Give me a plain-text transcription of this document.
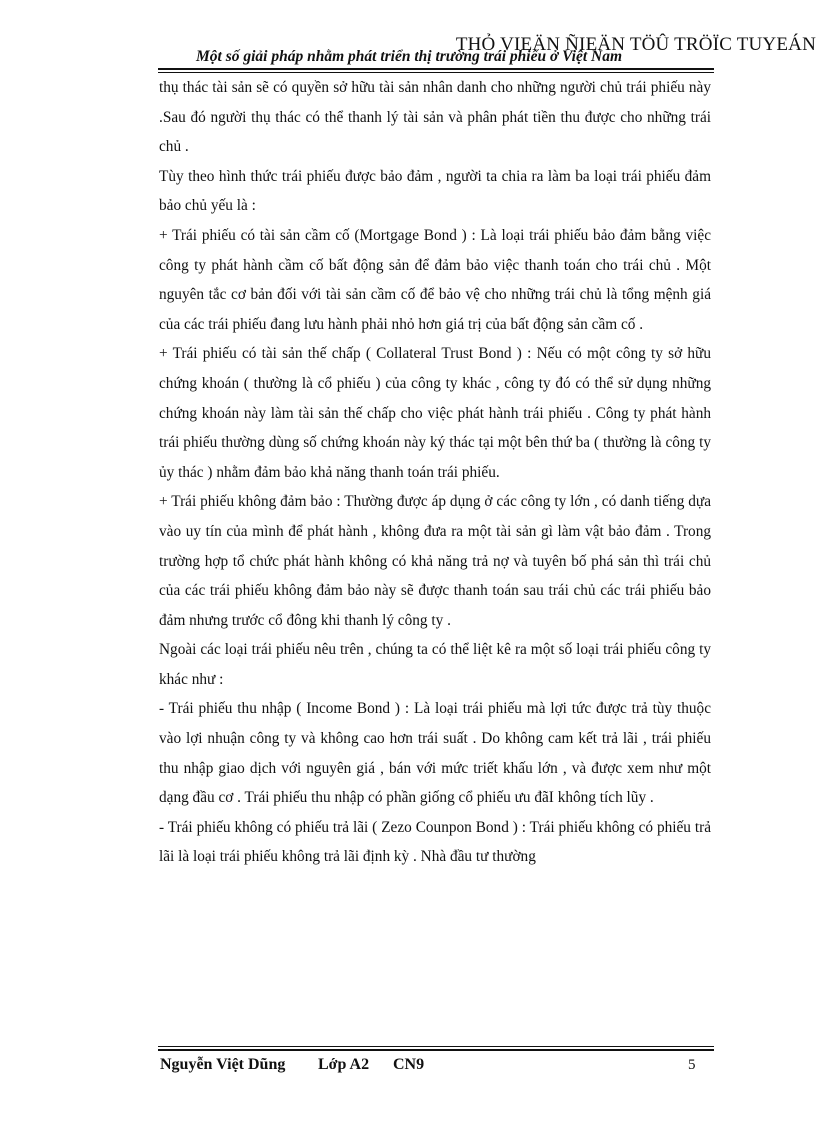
THỎ VIEÄN ÑIEÄN TÖÛ TRÖÏC TUYEÁN
Một số giải pháp nhằm phát triển thị trường trái phiếu ở Việt Nam

thụ thác tài sản sẽ có quyền sở hữu tài sản nhân danh cho những người chủ trái phiếu này .Sau đó người thụ thác có thể thanh lý tài sản và phân phát tiền thu được cho những trái chủ .

Tùy theo hình thức trái phiếu được bảo đảm , người ta chia ra làm ba loại trái phiếu đảm bảo chủ yếu là :

+ Trái phiếu có tài sản cầm cố (Mortgage Bond ) : Là loại trái phiếu bảo đảm bằng việc công ty phát hành cầm cố bất động sản để đảm bảo việc thanh toán cho trái chủ . Một nguyên tắc cơ bản đối với tài sản cầm cố để bảo vệ cho những trái chủ là tổng mệnh giá của các trái phiếu đang lưu hành phải nhỏ hơn giá trị của bất động sản cầm cố .

+ Trái phiếu có tài sản thế chấp ( Collateral Trust Bond ) : Nếu có một công ty sở hữu chứng khoán ( thường là cổ phiếu ) của công ty khác , công ty đó có thể sử dụng những chứng khoán này làm tài sản thế chấp cho việc phát hành trái phiếu . Công ty phát hành trái phiếu thường dùng số chứng khoán này ký thác tại một bên thứ ba ( thường là công ty ủy thác ) nhằm đảm bảo khả năng thanh toán trái phiếu.

+ Trái phiếu không đảm bảo : Thường được áp dụng ở các công ty lớn , có danh tiếng dựa vào uy tín của mình để phát hành , không đưa ra một tài sản gì làm vật bảo đảm . Trong trường hợp tổ chức phát hành không có khả năng trả nợ và tuyên bố phá sản thì trái chủ của các trái phiếu không đảm bảo này sẽ được thanh toán sau trái chủ các trái phiếu bảo đảm nhưng trước cổ đông khi thanh lý công ty .

Ngoài các loại trái phiếu nêu trên , chúng ta có thể liệt kê ra một số loại trái phiếu công ty khác như :

- Trái phiếu thu nhập ( Income Bond ) : Là loại trái phiếu mà lợi tức được trả tùy thuộc vào lợi nhuận công ty và không cao hơn trái suất . Do không cam kết trả lãi , trái phiếu thu nhập giao dịch với nguyên giá , bán với mức triết khấu lớn , và được xem như một dạng đầu cơ . Trái phiếu thu nhập có phần giống cổ phiếu ưu đãI không tích lũy .

- Trái phiếu không có phiếu trả lãi ( Zezo Counpon Bond ) : Trái phiếu không có phiếu trả lãi là loại trái phiếu không trả lãi định kỳ . Nhà đầu tư thường

Nguyễn Việt Dũng Lớp A2 CN9	5
